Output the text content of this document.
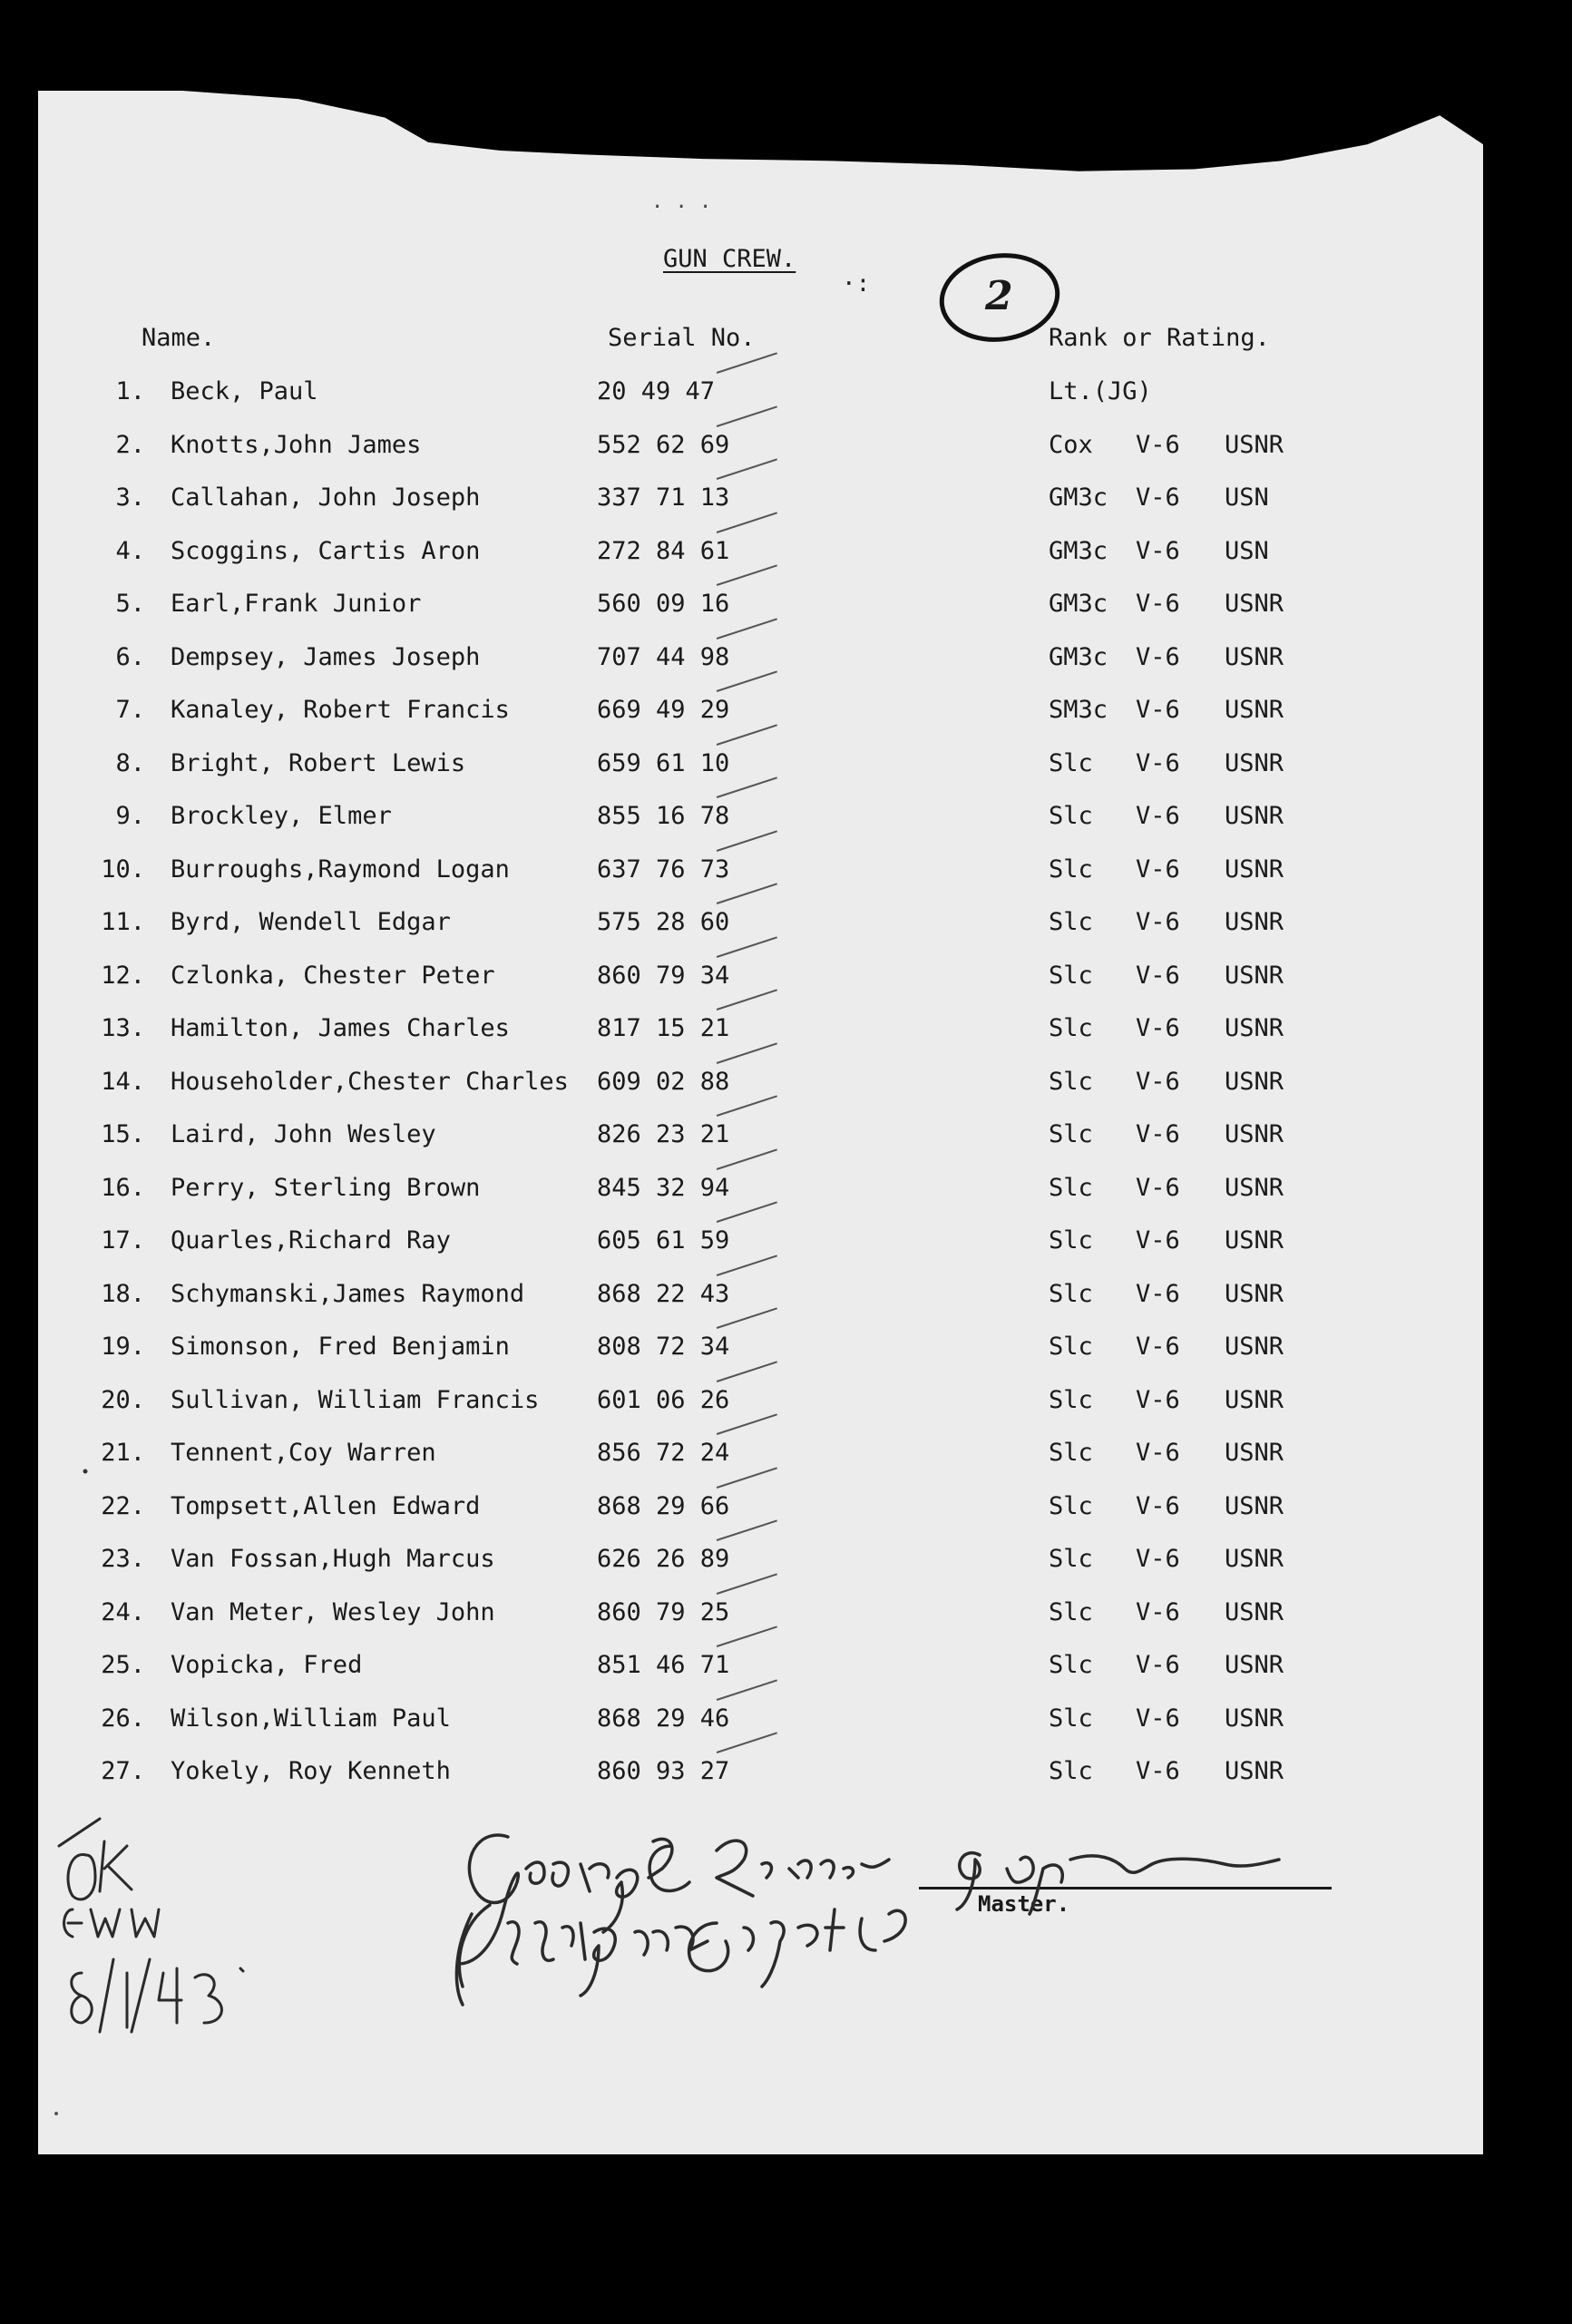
· · ·
GUN CREW.
2
·:
Name.	Serial No.	Rank or Rating.
1. Beck, Paul	20 49 47	Lt.(JG)
2. Knotts,John James	552 62 69	Cox V-6 USNR
3. Callahan, John Joseph	337 71 13	GM3c V-6 USN
4. Scoggins, Cartis Aron	272 84 61	GM3c V-6 USN
5. Earl,Frank Junior	560 09 16	GM3c V-6 USNR
6. Dempsey, James Joseph	707 44 98	GM3c V-6 USNR
7. Kanaley, Robert Francis	669 49 29	SM3c V-6 USNR
8. Bright, Robert Lewis	659 61 10	Slc V-6 USNR
9. Brockley, Elmer	855 16 78	Slc V-6 USNR
10. Burroughs,Raymond Logan	637 76 73	Slc V-6 USNR
11. Byrd, Wendell Edgar	575 28 60	Slc V-6 USNR
12. Czlonka, Chester Peter	860 79 34	Slc V-6 USNR
13. Hamilton, James Charles	817 15 21	Slc V-6 USNR
14. Householder,Chester Charles 609 02 88	Slc V-6 USNR
15. Laird, John Wesley	826 23 21	Slc V-6 USNR
16. Perry, Sterling Brown	845 32 94	Slc V-6 USNR
17. Quarles,Richard Ray	605 61 59	Slc V-6 USNR
18. Schymanski,James Raymond	868 22 43	Slc V-6 USNR
19. Simonson, Fred Benjamin	808 72 34	Slc V-6 USNR
20. Sullivan, William Francis 601 06 26	Slc V-6 USNR
21. Tennent,Coy Warren	856 72 24	Slc V-6 USNR
22. Tompsett,Allen Edward	868 29 66	Slc V-6 USNR
23. Van Fossan,Hugh Marcus	626 26 89	Slc V-6 USNR
24. Van Meter, Wesley John	860 79 25	Slc V-6 USNR
25. Vopicka, Fred	851 46 71	Slc V-6 USNR
26. Wilson,William Paul	868 29 46	Slc V-6 USNR
27. Yokely, Roy Kenneth	860 93 27	Slc V-6 USNR
Master.
